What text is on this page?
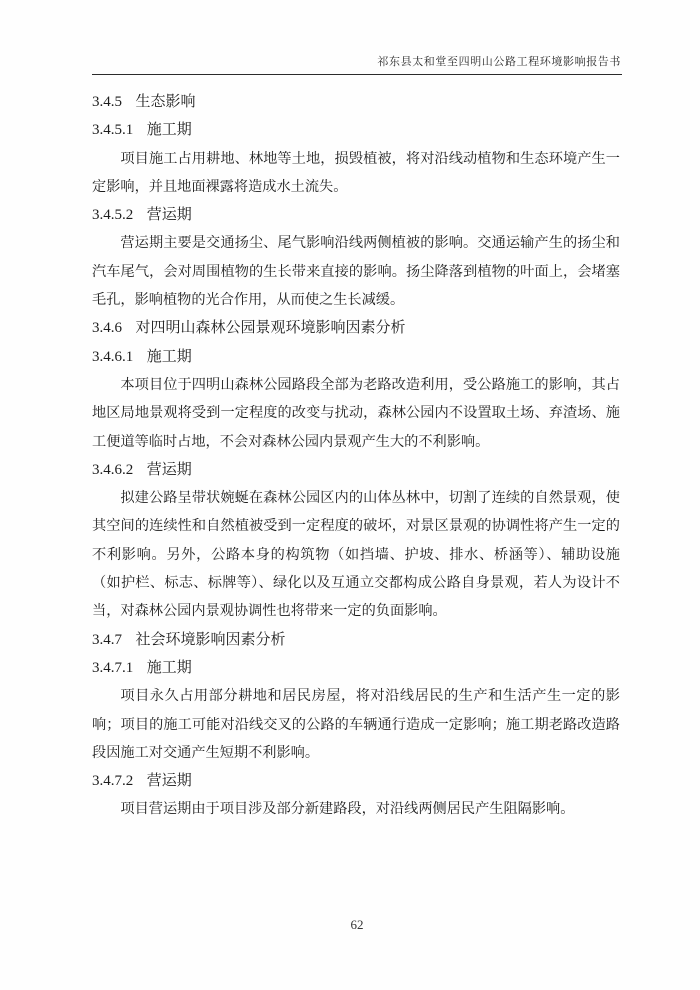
祁东县太和堂至四明山公路工程环境影响报告书
3.4.5 生态影响
3.4.5.1 施工期

项目施工占用耕地、林地等土地，损毁植被，将对沿线动植物和生态环境产生一定影响，并且地面裸露将造成水土流失。

3.4.5.2 营运期

营运期主要是交通扬尘、尾气影响沿线两侧植被的影响。交通运输产生的扬尘和汽车尾气，会对周围植物的生长带来直接的影响。扬尘降落到植物的叶面上，会堵塞毛孔，影响植物的光合作用，从而使之生长减缓。

3.4.6 对四明山森林公园景观环境影响因素分析
3.4.6.1 施工期

本项目位于四明山森林公园路段全部为老路改造利用，受公路施工的影响，其占地区局地景观将受到一定程度的改变与扰动，森林公园内不设置取土场、弃渣场、施工便道等临时占地，不会对森林公园内景观产生大的不利影响。

3.4.6.2 营运期

拟建公路呈带状婉蜒在森林公园区内的山体丛林中，切割了连续的自然景观，使其空间的连续性和自然植被受到一定程度的破坏，对景区景观的协调性将产生一定的不利影响。另外，公路本身的构筑物（如挡墙、护坡、排水、桥涵等）、辅助设施（如护栏、标志、标牌等）、绿化以及互通立交都构成公路自身景观，若人为设计不当，对森林公园内景观协调性也将带来一定的负面影响。

3.4.7 社会环境影响因素分析
3.4.7.1 施工期

项目永久占用部分耕地和居民房屋，将对沿线居民的生产和生活产生一定的影响；项目的施工可能对沿线交叉的公路的车辆通行造成一定影响；施工期老路改造路段因施工对交通产生短期不利影响。

3.4.7.2 营运期

项目营运期由于项目涉及部分新建路段，对沿线两侧居民产生阻隔影响。

62
